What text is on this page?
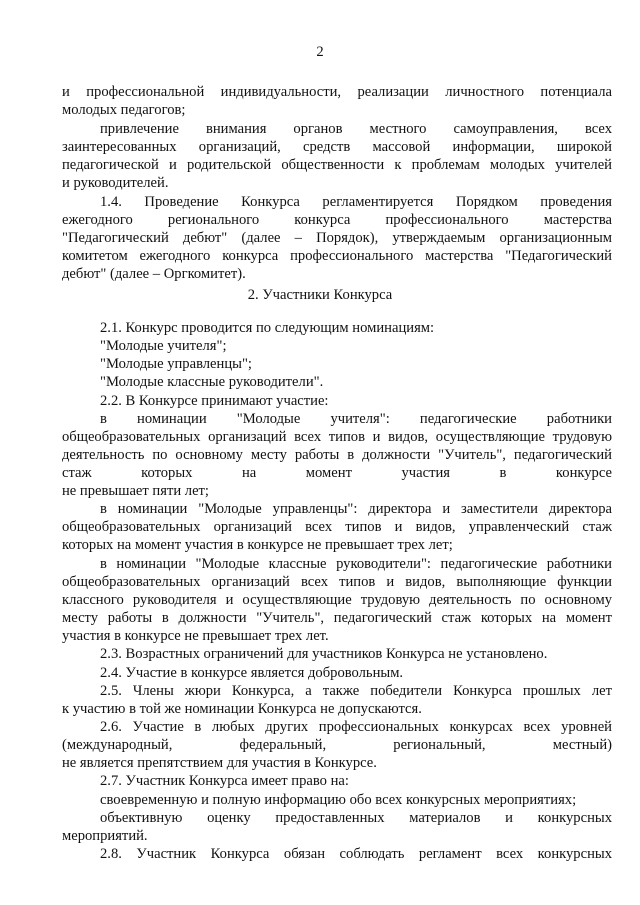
2
и профессиональной индивидуальности, реализации личностного потенциала
молодых педагогов;
привлечение внимания органов местного самоуправления, всех
заинтересованных организаций, средств массовой информации, широкой
педагогической и родительской общественности к проблемам молодых учителей
и руководителей.
1.4. Проведение Конкурса регламентируется Порядком проведения
ежегодного регионального конкурса профессионального мастерства
"Педагогический дебют" (далее – Порядок), утверждаемым организационным
комитетом ежегодного конкурса профессионального мастерства "Педагогический
дебют" (далее – Оргкомитет).
2. Участники Конкурса
2.1. Конкурс проводится по следующим номинациям:
"Молодые учителя";
"Молодые управленцы";
"Молодые классные руководители".
2.2. В Конкурсе принимают участие:
в номинации "Молодые учителя": педагогические работники
общеобразовательных организаций всех типов и видов, осуществляющие трудовую
деятельность по основному месту работы в должности "Учитель", педагогический
стаж которых на момент участия в конкурсе
не превышает пяти лет;
в номинации "Молодые управленцы": директора и заместители директора
общеобразовательных организаций всех типов и видов, управленческий стаж
которых на момент участия в конкурсе не превышает трех лет;
в номинации "Молодые классные руководители": педагогические работники
общеобразовательных организаций всех типов и видов, выполняющие функции
классного руководителя и осуществляющие трудовую деятельность по основному
месту работы в должности "Учитель", педагогический стаж которых на момент
участия в конкурсе не превышает трех лет.
2.3. Возрастных ограничений для участников Конкурса не установлено.
2.4. Участие в конкурсе является добровольным.
2.5. Члены жюри Конкурса, а также победители Конкурса прошлых лет
к участию в той же номинации Конкурса не допускаются.
2.6. Участие в любых других профессиональных конкурсах всех уровней
(международный, федеральный, региональный, местный)
не является препятствием для участия в Конкурсе.
2.7. Участник Конкурса имеет право на:
своевременную и полную информацию обо всех конкурсных мероприятиях;
объективную оценку предоставленных материалов и конкурсных
мероприятий.
2.8. Участник Конкурса обязан соблюдать регламент всех конкурсных
